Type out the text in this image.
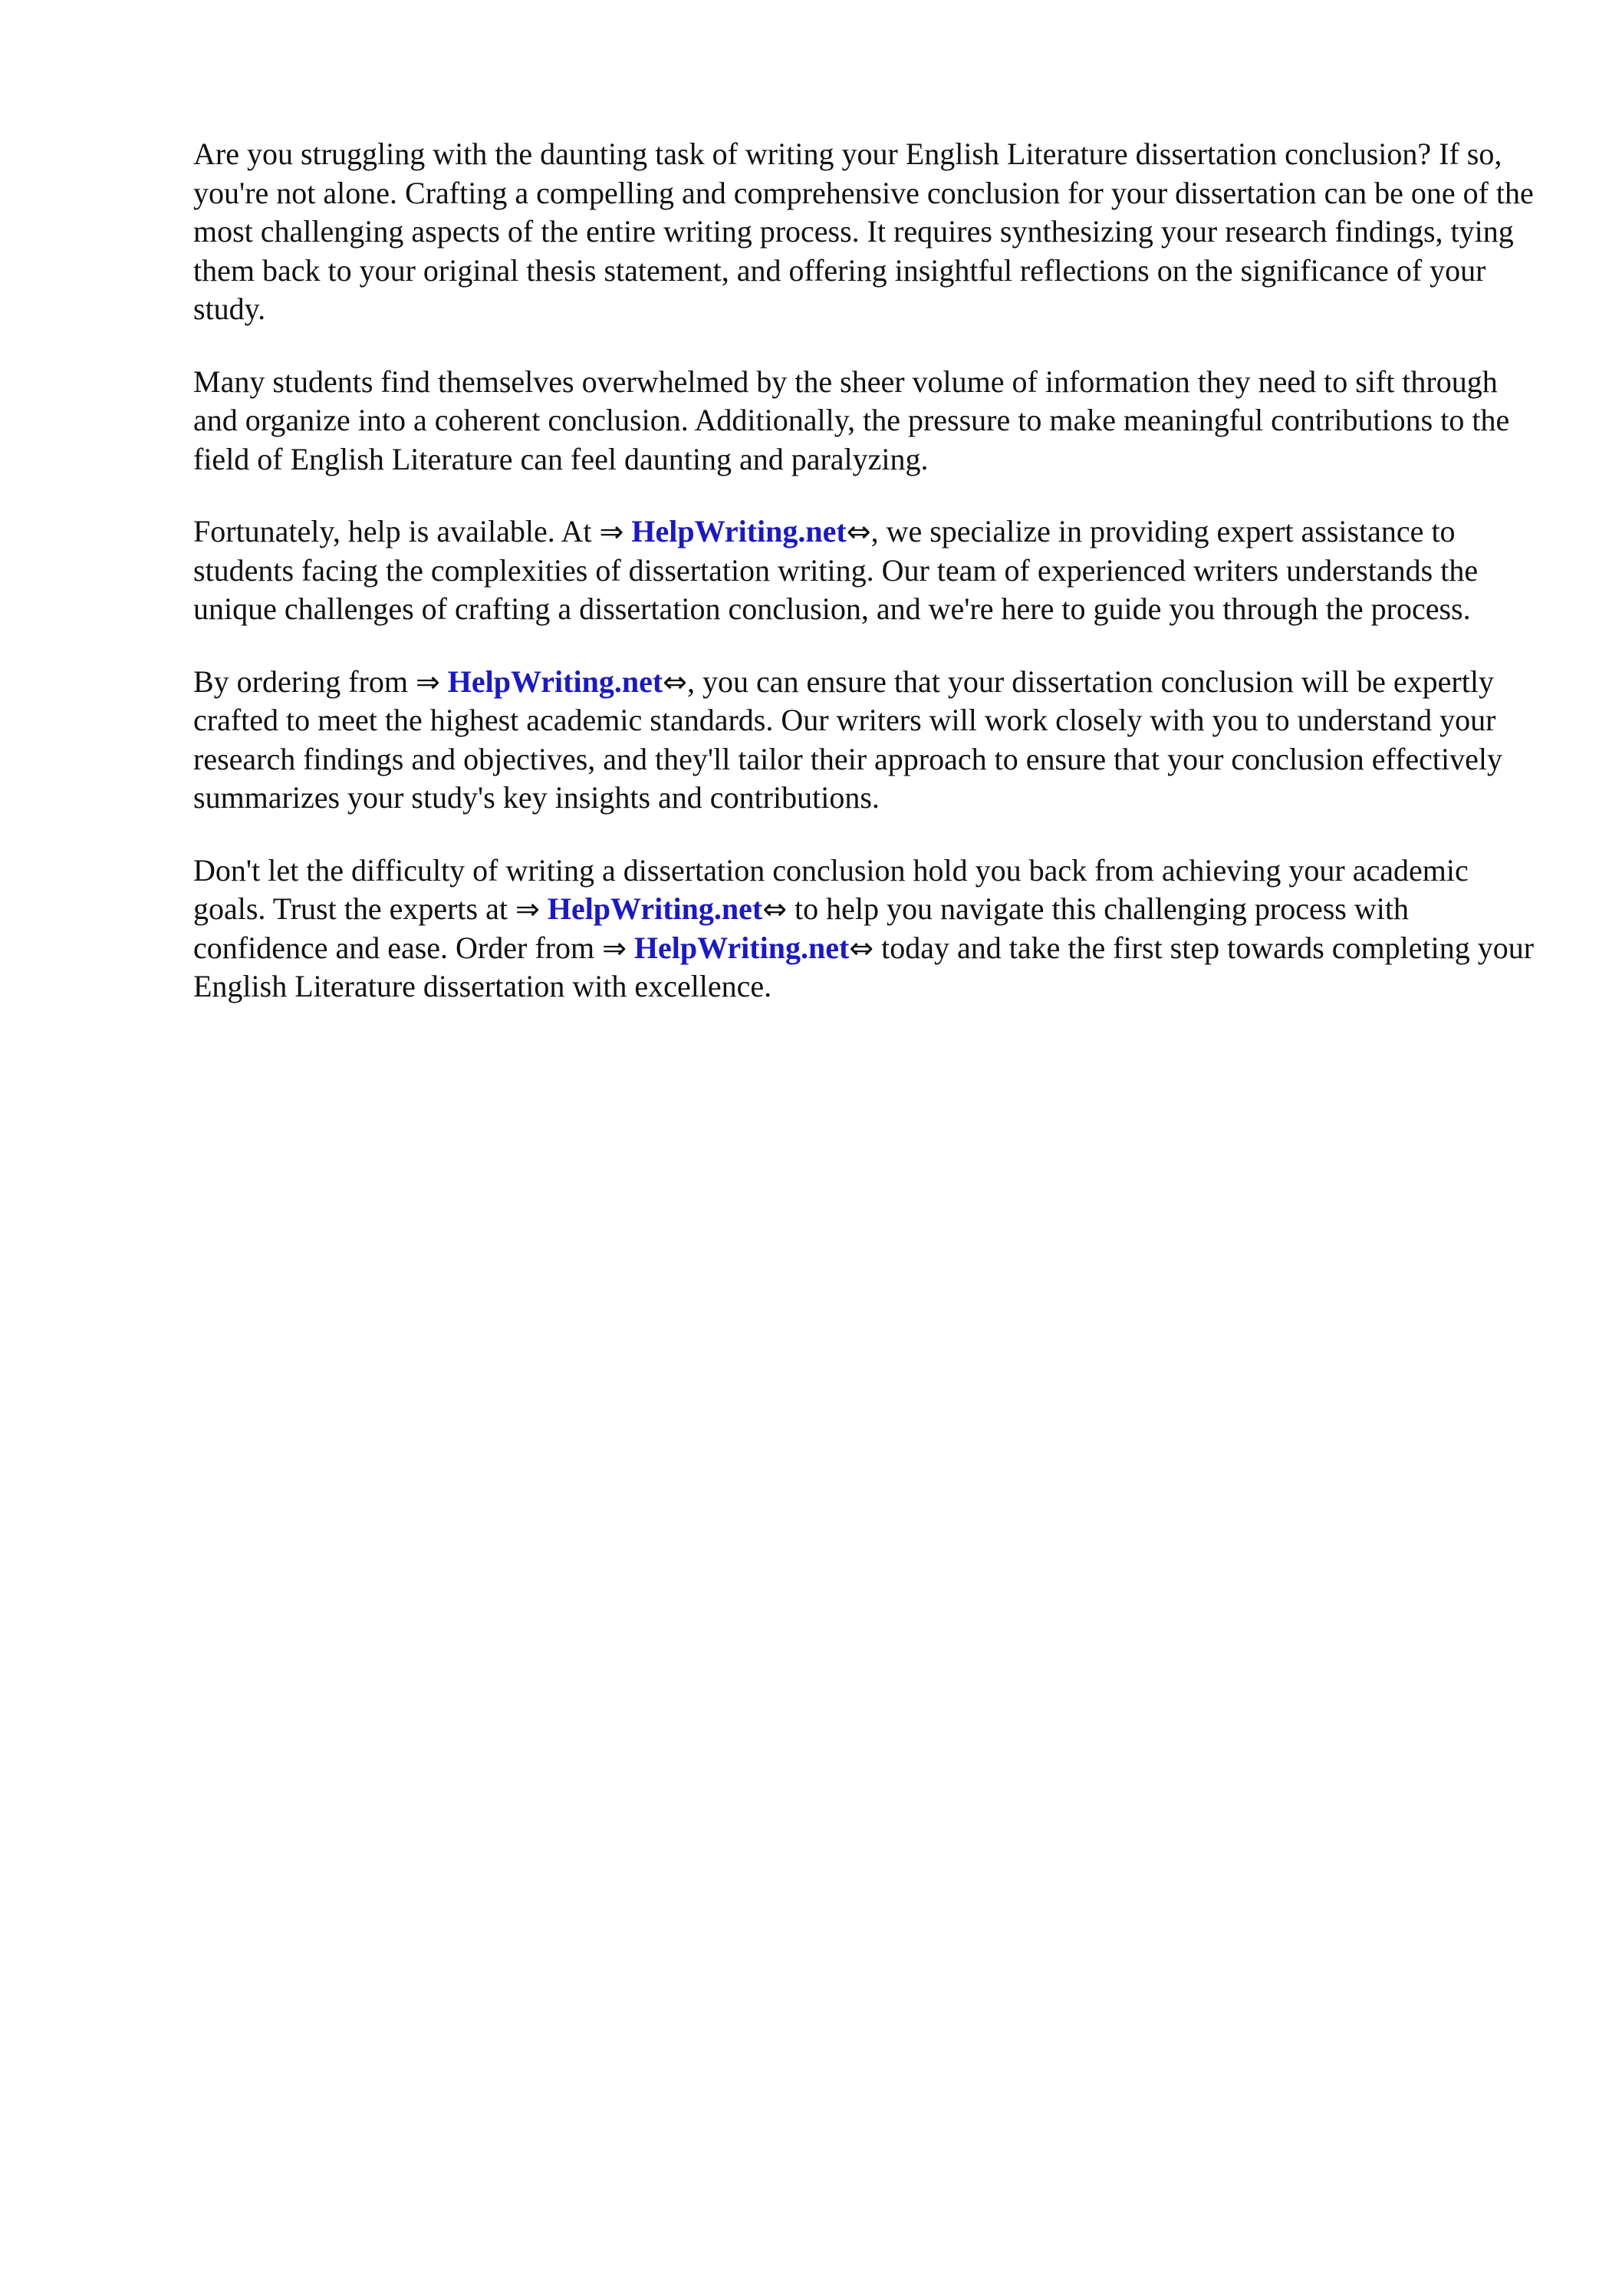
Are you struggling with the daunting task of writing your English Literature dissertation conclusion? If so, you're not alone. Crafting a compelling and comprehensive conclusion for your dissertation can be one of the most challenging aspects of the entire writing process. It requires synthesizing your research findings, tying them back to your original thesis statement, and offering insightful reflections on the significance of your study.

Many students find themselves overwhelmed by the sheer volume of information they need to sift through and organize into a coherent conclusion. Additionally, the pressure to make meaningful contributions to the field of English Literature can feel daunting and paralyzing.

Fortunately, help is available. At ⇒ HelpWriting.net⇔, we specialize in providing expert assistance to students facing the complexities of dissertation writing. Our team of experienced writers understands the unique challenges of crafting a dissertation conclusion, and we're here to guide you through the process.

By ordering from ⇒ HelpWriting.net⇔, you can ensure that your dissertation conclusion will be expertly crafted to meet the highest academic standards. Our writers will work closely with you to understand your research findings and objectives, and they'll tailor their approach to ensure that your conclusion effectively summarizes your study's key insights and contributions.

Don't let the difficulty of writing a dissertation conclusion hold you back from achieving your academic goals. Trust the experts at ⇒ HelpWriting.net⇔ to help you navigate this challenging process with confidence and ease. Order from ⇒ HelpWriting.net⇔ today and take the first step towards completing your English Literature dissertation with excellence.
